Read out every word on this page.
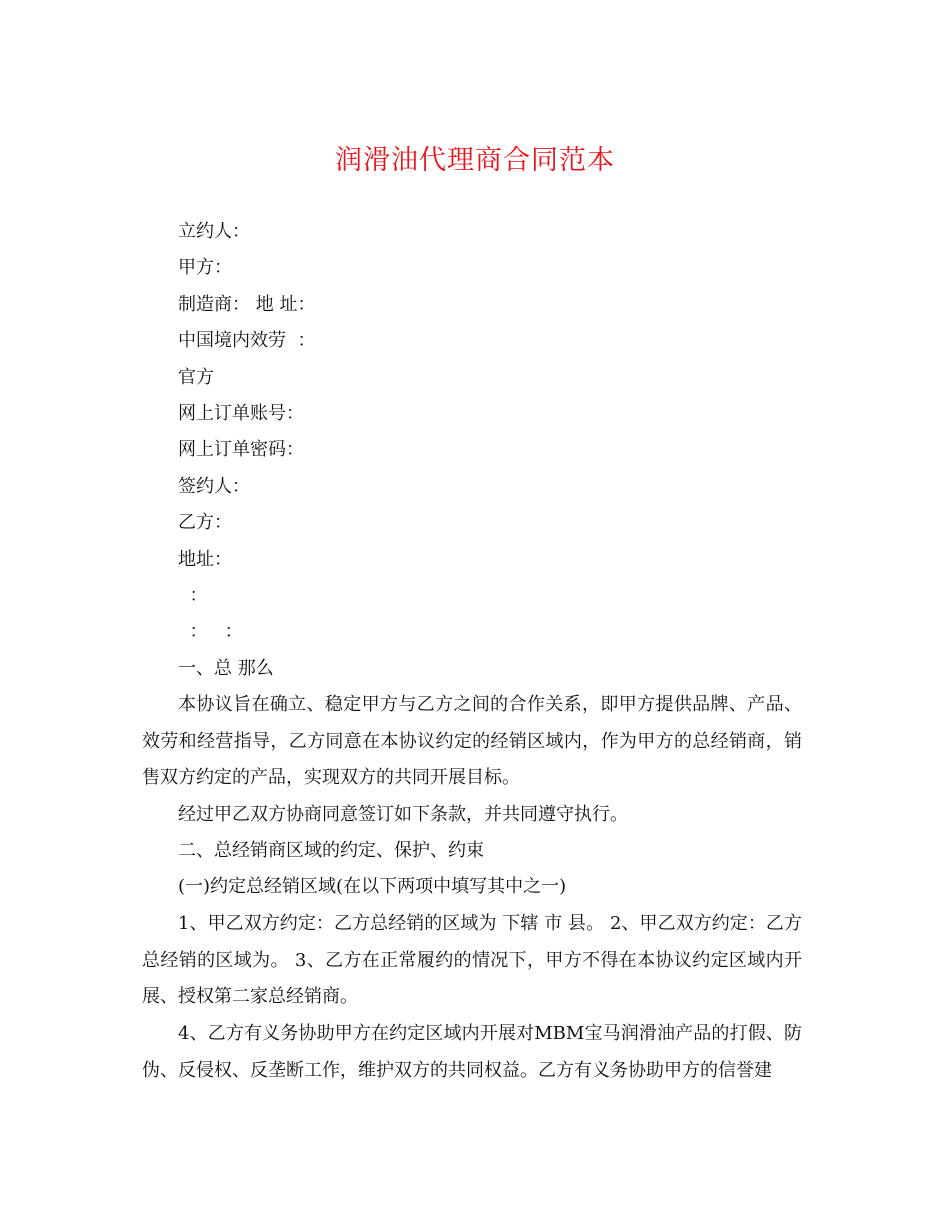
润滑油代理商合同范本
立约人：
甲方：
制造商： 地 址：
中国境内效劳  ：
官方
网上订单账号：
网上订单密码：
签约人：
乙方：
地址：
：
：   ：
一、总 那么

本协议旨在确立、稳定甲方与乙方之间的合作关系，即甲方提供品牌、产品、效劳和经营指导，乙方同意在本协议约定的经销区域内，作为甲方的总经销商，销售双方约定的产品，实现双方的共同开展目标。

经过甲乙双方协商同意签订如下条款，并共同遵守执行。

二、总经销商区域的约定、保护、约束
(一)约定总经销区域(在以下两项中填写其中之一)

1、甲乙双方约定：乙方总经销的区域为 下辖 市 县。 2、甲乙双方约定：乙方总经销的区域为。 3、乙方在正常履约的情况下，甲方不得在本协议约定区域内开展、授权第二家总经销商。

4、乙方有义务协助甲方在约定区域内开展对MBM宝马润滑油产品的打假、防伪、反侵权、反垄断工作，维护双方的共同权益。乙方有义务协助甲方的信誉建
